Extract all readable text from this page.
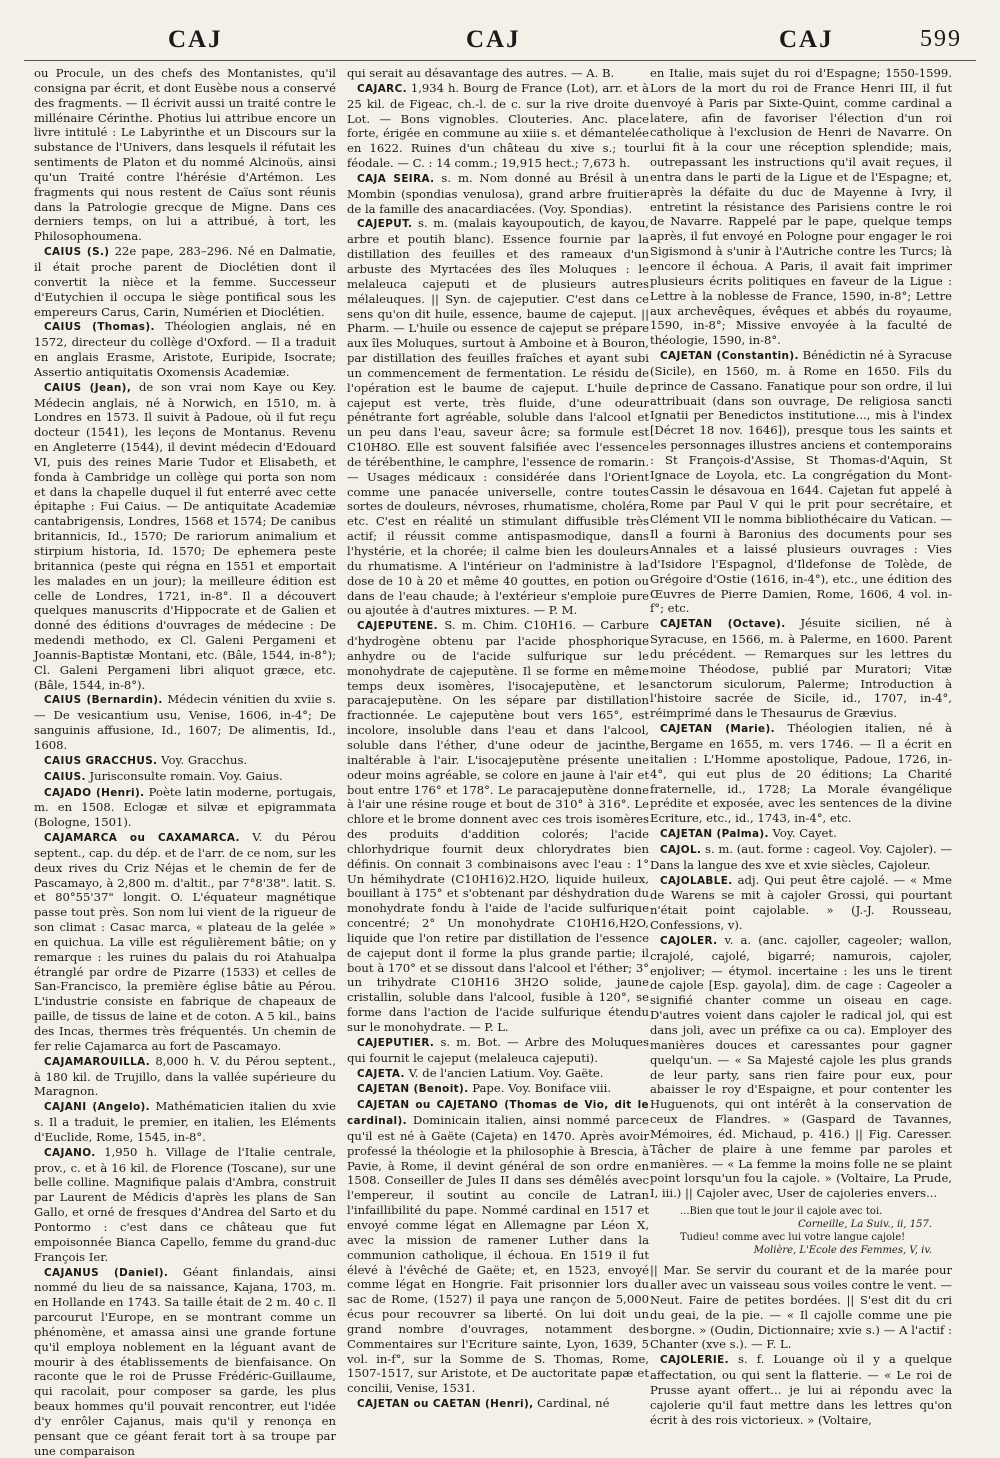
CAJ	CAJ	CAJ	599

ou Procule, un des chefs des Montanistes, qu'il consigna par écrit, et dont Eusèbe nous a conservé des fragments. — Il écrivit aussi un traité contre le millénaire Cérinthe. Photius lui attribue encore un livre intitulé : Le Labyrinthe et un Discours sur la substance de l'Univers, dans lesquels il réfutait les sentiments de Platon et du nommé Alcinoüs, ainsi qu'un Traité contre l'hérésie d'Artémon. Les fragments qui nous restent de Caïus sont réunis dans la Patrologie grecque de Migne. Dans ces derniers temps, on lui a attribué, à tort, les Philosophoumena.

CAIUS (S.) 22e pape, 283–296. Né en Dalmatie, il était proche parent de Dioclétien dont il convertit la nièce et la femme. Successeur d'Eutychien il occupa le siège pontifical sous les empereurs Carus, Carin, Numérien et Dioclétien.

CAIUS (Thomas). Théologien anglais, né en 1572, directeur du collège d'Oxford. — Il a traduit en anglais Erasme, Aristote, Euripide, Isocrate; Assertio antiquitatis Oxomensis Academiæ.

CAIUS (Jean), de son vrai nom Kaye ou Key. Médecin anglais, né à Norwich, en 1510, m. à Londres en 1573. Il suivit à Padoue, où il fut reçu docteur (1541), les leçons de Montanus. Revenu en Angleterre (1544), il devint médecin d'Edouard VI, puis des reines Marie Tudor et Elisabeth, et fonda à Cambridge un collège qui porta son nom et dans la chapelle duquel il fut enterré avec cette épitaphe : Fui Caius. — De antiquitate Academiæ cantabrigensis, Londres, 1568 et 1574; De canibus britannicis, Id., 1570; De rariorum animalium et stirpium historia, Id. 1570; De ephemera peste britannica (peste qui régna en 1551 et emportait les malades en un jour); la meilleure édition est celle de Londres, 1721, in-8°. Il a découvert quelques manuscrits d'Hippocrate et de Galien et donné des éditions d'ouvrages de médecine : De medendi methodo, ex Cl. Galeni Pergameni et Joannis-Baptistæ Montani, etc. (Bâle, 1544, in-8°); Cl. Galeni Pergameni libri aliquot græce, etc. (Bâle, 1544, in-8°).

CAIUS (Bernardin). Médecin vénitien du xviie s. — De vesicantium usu, Venise, 1606, in-4°; De sanguinis affusione, Id., 1607; De alimentis, Id., 1608.

CAIUS GRACCHUS. Voy. Gracchus.

CAIUS. Jurisconsulte romain. Voy. Gaius.

CAJADO (Henri). Poète latin moderne, portugais, m. en 1508. Eclogæ et silvæ et epigrammata (Bologne, 1501).

CAJAMARCA ou CAXAMARCA. V. du Pérou septent., cap. du dép. et de l'arr. de ce nom, sur les deux rives du Criz Néjas et le chemin de fer de Pascamayo, à 2,800 m. d'altit., par 7°8'38". latit. S. et 80°55'37" longit. O. L'équateur magnétique passe tout près. Son nom lui vient de la rigueur de son climat : Casac marca, « plateau de la gelée » en quichua. La ville est régulièrement bâtie; on y remarque : les ruines du palais du roi Atahualpa étranglé par ordre de Pizarre (1533) et celles de San-Francisco, la première église bâtie au Pérou. L'industrie consiste en fabrique de chapeaux de paille, de tissus de laine et de coton. A 5 kil., bains des Incas, thermes très fréquentés. Un chemin de fer relie Cajamarca au fort de Pascamayo.

CAJAMAROUILLA. 8,000 h. V. du Pérou septent., à 180 kil. de Trujillo, dans la vallée supérieure du Maragnon.

CAJANI (Angelo). Mathématicien italien du xvie s. Il a traduit, le premier, en italien, les Eléments d'Euclide, Rome, 1545, in-8°.

CAJANO. 1,950 h. Village de l'Italie centrale, prov., c. et à 16 kil. de Florence (Toscane), sur une belle colline. Magnifique palais d'Ambra, construit par Laurent de Médicis d'après les plans de San Gallo, et orné de fresques d'Andrea del Sarto et du Pontormo : c'est dans ce château que fut empoisonnée Bianca Capello, femme du grand-duc François Ier.

CAJANUS (Daniel). Géant finlandais, ainsi nommé du lieu de sa naissance, Kajana, 1703, m. en Hollande en 1743. Sa taille était de 2 m. 40 c. Il parcourut l'Europe, en se montrant comme un phénomène, et amassa ainsi une grande fortune qu'il employa noblement en la léguant avant de mourir à des établissements de bienfaisance. On raconte que le roi de Prusse Frédéric-Guillaume, qui racolait, pour composer sa garde, les plus beaux hommes qu'il pouvait rencontrer, eut l'idée d'y enrôler Cajanus, mais qu'il y renonça en pensant que ce géant ferait tort à sa troupe par une comparaison

qui serait au désavantage des autres. — A. B.

CAJARC. 1,934 h. Bourg de France (Lot), arr. et à 25 kil. de Figeac, ch.-l. de c. sur la rive droite du Lot. — Bons vignobles. Clouteries. Anc. place forte, érigée en commune au xiiie s. et démantelée en 1622. Ruines d'un château du xive s.; tour féodale. — C. : 14 comm.; 19,915 hect.; 7,673 h.

CAJA SEIRA. s. m. Nom donné au Brésil à un Mombin (spondias venulosa), grand arbre fruitier de la famille des anacardiacées. (Voy. Spondias).

CAJEPUT. s. m. (malais kayoupoutich, de kayou, arbre et poutih blanc). Essence fournie par la distillation des feuilles et des rameaux d'un arbuste des Myrtacées des îles Moluques : le melaleuca cajeputi et de plusieurs autres mélaleuques. || Syn. de cajeputier. C'est dans ce sens qu'on dit huile, essence, baume de cajeput. || Pharm. — L'huile ou essence de cajeput se prépare aux îles Moluques, surtout à Amboine et à Bouron, par distillation des feuilles fraîches et ayant subi un commencement de fermentation. Le résidu de l'opération est le baume de cajeput. L'huile de cajeput est verte, très fluide, d'une odeur pénétrante fort agréable, soluble dans l'alcool et un peu dans l'eau, saveur âcre; sa formule est C10H8O. Elle est souvent falsifiée avec l'essence de térébenthine, le camphre, l'essence de romarin. — Usages médicaux : considérée dans l'Orient comme une panacée universelle, contre toutes sortes de douleurs, névroses, rhumatisme, choléra, etc. C'est en réalité un stimulant diffusible très actif; il réussit comme antispasmodique, dans l'hystérie, et la chorée; il calme bien les douleurs du rhumatisme. A l'intérieur on l'administre à la dose de 10 à 20 et même 40 gouttes, en potion ou dans de l'eau chaude; à l'extérieur s'emploie pure ou ajoutée à d'autres mixtures. — P. M.

CAJEPUTENE. S. m. Chim. C10H16. — Carbure d'hydrogène obtenu par l'acide phosphorique anhydre ou de l'acide sulfurique sur le monohydrate de cajeputène. Il se forme en même temps deux isomères, l'isocajeputène, et le paracajeputène. On les sépare par distillation fractionnée. Le cajeputène bout vers 165°, est incolore, insoluble dans l'eau et dans l'alcool, soluble dans l'éther, d'une odeur de jacinthe, inaltérable à l'air. L'isocajeputène présente une odeur moins agréable, se colore en jaune à l'air et bout entre 176° et 178°. Le paracajeputène donne à l'air une résine rouge et bout de 310° à 316°. Le chlore et le brome donnent avec ces trois isomères des produits d'addition colorés; l'acide chlorhydrique fournit deux chlorydrates bien définis. On connait 3 combinaisons avec l'eau : 1° Un hémihydrate (C10H16)2.H2O, liquide huileux, bouillant à 175° et s'obtenant par déshydration du monohydrate fondu à l'aide de l'acide sulfurique concentré; 2° Un monohydrate C10H16,H2O, liquide que l'on retire par distillation de l'essence de cajeput dont il forme la plus grande partie; il bout à 170° et se dissout dans l'alcool et l'éther; 3° un trihydrate C10H16 3H2O solide, jaune cristallin, soluble dans l'alcool, fusible à 120°, se forme dans l'action de l'acide sulfurique étendu sur le monohydrate. — P. L.

CAJEPUTIER. s. m. Bot. — Arbre des Moluques qui fournit le cajeput (melaleuca cajeputi).

CAJETA. V. de l'ancien Latium. Voy. Gaëte.

CAJETAN (Benoit). Pape. Voy. Boniface viii.

CAJETAN ou CAJETANO (Thomas de Vio, dit le cardinal). Dominicain italien, ainsi nommé parce qu'il est né à Gaëte (Cajeta) en 1470. Après avoir professé la théologie et la philosophie à Brescia, à Pavie, à Rome, il devint général de son ordre en 1508. Conseiller de Jules II dans ses démêlés avec l'empereur, il soutint au concile de Latran l'infaillibilité du pape. Nommé cardinal en 1517 et envoyé comme légat en Allemagne par Léon X, avec la mission de ramener Luther dans la communion catholique, il échoua. En 1519 il fut élevé à l'évêché de Gaëte; et, en 1523, envoyé comme légat en Hongrie. Fait prisonnier lors du sac de Rome, (1527) il paya une rançon de 5,000 écus pour recouvrer sa liberté. On lui doit un grand nombre d'ouvrages, notamment des Commentaires sur l'Ecriture sainte, Lyon, 1639, 5 vol. in-f°, sur la Somme de S. Thomas, Rome, 1507-1517, sur Aristote, et De auctoritate papæ et concilii, Venise, 1531.

CAJETAN ou CAETAN (Henri), Cardinal, né

en Italie, mais sujet du roi d'Espagne; 1550-1599. Lors de la mort du roi de France Henri III, il fut envoyé à Paris par Sixte-Quint, comme cardinal a latere, afin de favoriser l'élection d'un roi catholique à l'exclusion de Henri de Navarre. On lui fit à la cour une réception splendide; mais, outrepassant les instructions qu'il avait reçues, il entra dans le parti de la Ligue et de l'Espagne; et, après la défaite du duc de Mayenne à Ivry, il entretint la résistance des Parisiens contre le roi de Navarre. Rappelé par le pape, quelque temps après, il fut envoyé en Pologne pour engager le roi Sigismond à s'unir à l'Autriche contre les Turcs; là encore il échoua. A Paris, il avait fait imprimer plusieurs écrits politiques en faveur de la Ligue : Lettre à la noblesse de France, 1590, in-8°; Lettre aux archevêques, évêques et abbés du royaume, 1590, in-8°; Missive envoyée à la faculté de théologie, 1590, in-8°.

CAJETAN (Constantin). Bénédictin né à Syracuse (Sicile), en 1560, m. à Rome en 1650. Fils du prince de Cassano. Fanatique pour son ordre, il lui attribuait (dans son ouvrage, De religiosa sancti Ignatii per Benedictos institutione..., mis à l'index [Décret 18 nov. 1646]), presque tous les saints et les personnages illustres anciens et contemporains : St François-d'Assise, St Thomas-d'Aquin, St Ignace de Loyola, etc. La congrégation du Mont-Cassin le désavoua en 1644. Cajetan fut appelé à Rome par Paul V qui le prit pour secrétaire, et Clément VII le nomma bibliothécaire du Vatican. — Il a fourni à Baronius des documents pour ses Annales et a laissé plusieurs ouvrages : Vies d'Isidore l'Espagnol, d'Ildefonse de Tolède, de Grégoire d'Ostie (1616, in-4°), etc., une édition des Œuvres de Pierre Damien, Rome, 1606, 4 vol. in-f°; etc.

CAJETAN (Octave). Jésuite sicilien, né à Syracuse, en 1566, m. à Palerme, en 1600. Parent du précédent. — Remarques sur les lettres du moine Théodose, publié par Muratori; Vitæ sanctorum siculorum, Palerme; Introduction à l'histoire sacrée de Sicile, id., 1707, in-4°, réimprimé dans le Thesaurus de Grævius.

CAJETAN (Marie). Théologien italien, né à Bergame en 1655, m. vers 1746. — Il a écrit en italien : L'Homme apostolique, Padoue, 1726, in-4°, qui eut plus de 20 éditions; La Charité fraternelle, id., 1728; La Morale évangélique prédite et exposée, avec les sentences de la divine Ecriture, etc., id., 1743, in-4°, etc.

CAJETAN (Palma). Voy. Cayet.

CAJOL. s. m. (aut. forme : cageol. Voy. Cajoler). — Dans la langue des xve et xvie siècles, Cajoleur.

CAJOLABLE. adj. Qui peut être cajolé. — « Mme de Warens se mit à cajoler Grossi, qui pourtant n'était point cajolable. » (J.-J. Rousseau, Confessions, v).

CAJOLER. v. a. (anc. cajoller, cageoler; wallon, crajolé, cajolé, bigarré; namurois, cajoler, enjoliver; — étymol. incertaine : les uns le tirent de cajole [Esp. gayola], dim. de cage : Cageoler a signifié chanter comme un oiseau en cage. D'autres voient dans cajoler le radical jol, qui est dans joli, avec un préfixe ca ou ca). Employer des manières douces et caressantes pour gagner quelqu'un. — « Sa Majesté cajole les plus grands de leur party, sans rien faire pour eux, pour abaisser le roy d'Espaigne, et pour contenter les Huguenots, qui ont intérêt à la conservation de ceux de Flandres. » (Gaspard de Tavannes, Mémoires, éd. Michaud, p. 416.) || Fig. Caresser. Tâcher de plaire à une femme par paroles et manières. — « La femme la moins folle ne se plaint point lorsqu'un fou la cajole. » (Voltaire, La Prude, I, iii.) || Cajoler avec, User de cajoleries envers...

...Bien que tout le jour il cajole avec toi.
Corneille, La Suiv., ii, 157.
Tudieu! comme avec lui votre langue cajole!
Molière, L'Ecole des Femmes, V, iv.

|| Mar. Se servir du courant et de la marée pour aller avec un vaisseau sous voiles contre le vent. — Neut. Faire de petites bordées. || S'est dit du cri du geai, de la pie. — « Il cajolle comme une pie borgne. » (Oudin, Dictionnaire; xvie s.) — A l'actif : Chanter (xve s.). — F. L.

CAJOLERIE. s. f. Louange où il y a quelque affectation, ou qui sent la flatterie. — « Le roi de Prusse ayant offert... je lui ai répondu avec la cajolerie qu'il faut mettre dans les lettres qu'on écrit à des rois victorieux. » (Voltaire,
